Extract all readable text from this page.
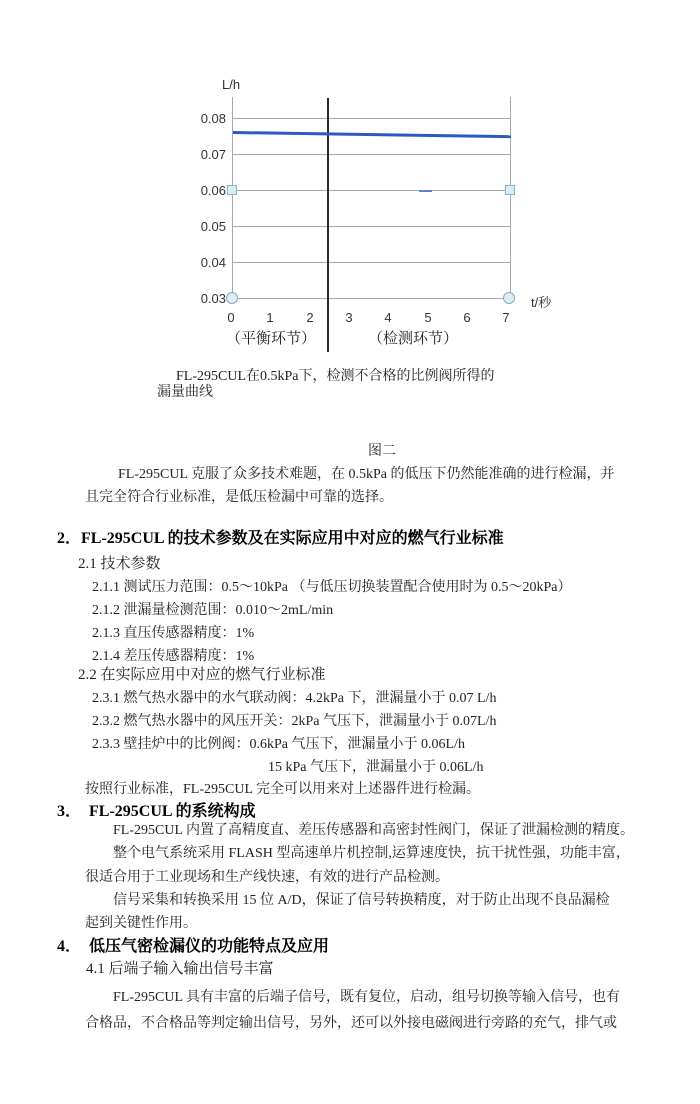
L/h
0.08
0.07
0.06
0.05
0.04
0.03
0	1	2	3	4	5	6	7
t/秒
（平衡环节）	（检测环节）
FL-295CUL在0.5kPa下，检测不合格的比例阀所得的
漏量曲线
图二
FL-295CUL 克服了众多技术难题，在 0.5kPa 的低压下仍然能准确的进行检漏，并
且完全符合行业标准，是低压检漏中可靠的选择。
2．FL-295CUL 的技术参数及在实际应用中对应的燃气行业标准
2.1 技术参数
2.1.1 测试压力范围：0.5～10kPa （与低压切换装置配合使用时为 0.5～20kPa）
2.1.2 泄漏量检测范围：0.010～2mL/min
2.1.3 直压传感器精度：1%
2.1.4 差压传感器精度：1%
2.2 在实际应用中对应的燃气行业标准
2.3.1 燃气热水器中的水气联动阀：4.2kPa 下，泄漏量小于 0.07 L/h
2.3.2 燃气热水器中的风压开关：2kPa 气压下，泄漏量小于 0.07L/h
2.3.3 壁挂炉中的比例阀：0.6kPa 气压下，泄漏量小于 0.06L/h
15 kPa 气压下，泄漏量小于 0.06L/h
按照行业标准，FL-295CUL 完全可以用来对上述器件进行检漏。
3．  FL-295CUL 的系统构成
FL-295CUL 内置了高精度直、差压传感器和高密封性阀门，保证了泄漏检测的精度。
整个电气系统采用 FLASH 型高速单片机控制,运算速度快，抗干扰性强，功能丰富，
很适合用于工业现场和生产线快速，有效的进行产品检测。
信号采集和转换采用 15 位 A/D，保证了信号转换精度，对于防止出现不良品漏检
起到关键性作用。
4．  低压气密检漏仪的功能特点及应用
4.1 后端子输入输出信号丰富
FL-295CUL 具有丰富的后端子信号，既有复位，启动，组号切换等输入信号，也有
合格品，不合格品等判定输出信号，另外，还可以外接电磁阀进行旁路的充气，排气或
